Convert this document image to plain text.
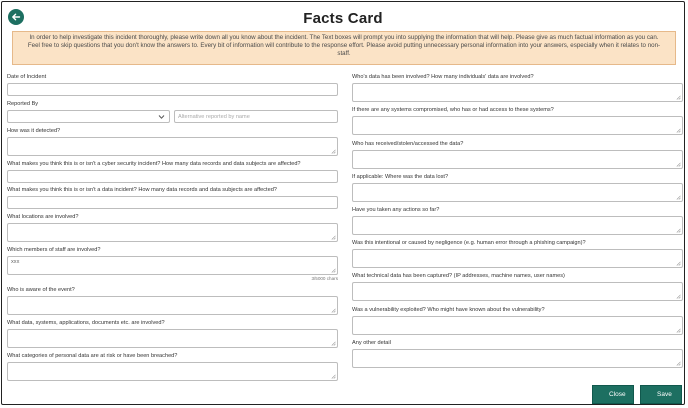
Facts Card
In order to help investigate this incident thoroughly, please write down all you know about the incident. The Text boxes will prompt you into supplying the information that will help. Please give as much factual information as you can. Feel free to skip questions that you don't know the answers to. Every bit of information will contribute to the response effort. Please avoid putting unnecessary personal information into your answers, especially when it relates to non-staff.
Date of Incident
Reported By
Alternative reported by name
How was it detected?
What makes you think this is or isn't a cyber security incident? How many data records and data subjects are affected?
What makes you think this is or isn't a data incident? How many data records and data subjects are affected?
What locations are involved?
Which members of staff are involved?
xxx
3/5000 chars
Who is aware of the event?
What data, systems, applications, documents etc. are involved?
What categories of personal data are at risk or have been breached?
Who's data has been involved? How many individuals' data are involved?
If there are any systems compromised, who has or had access to these systems?
Who has received/stolen/accessed the data?
If applicable: Where was the data lost?
Have you taken any actions so far?
Was this intentional or caused by negligence (e.g. human error through a phishing campaign)?
What technical data has been captured? (IP addresses, machine names, user names)
Was a vulnerability exploited? Who might have known about the vulnerability?
Any other detail
Close	Save
